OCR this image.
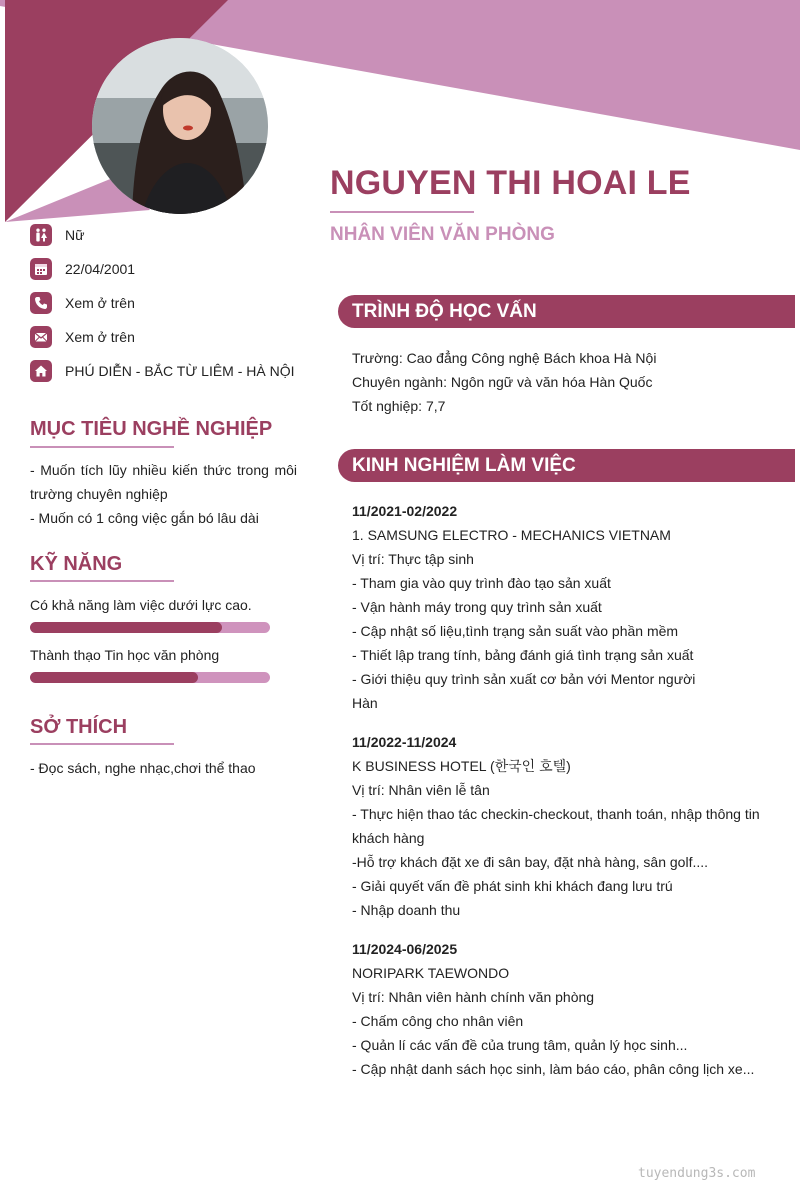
NGUYEN THI HOAI LE
NHÂN VIÊN VĂN PHÒNG
Nữ
22/04/2001
Xem ở trên
Xem ở trên
PHÚ DIỄN - BẮC TỪ LIÊM - HÀ NỘI
MỤC TIÊU NGHỀ NGHIỆP

- Muốn tích lũy nhiều kiến thức trong môi trường chuyên nghiệp

- Muốn có 1 công việc gắn bó lâu dài

KỸ NĂNG
Có khả năng làm việc dưới lực cao.
Thành thạo Tin học văn phòng
SỞ THÍCH

- Đọc sách, nghe nhạc,chơi thể thao

TRÌNH ĐỘ HỌC VẤN

Trường: Cao đẳng Công nghệ Bách khoa Hà Nội

Chuyên ngành: Ngôn ngữ và văn hóa Hàn Quốc

Tốt nghiệp: 7,7

KINH NGHIỆM LÀM VIỆC

11/2021-02/2022

1. SAMSUNG ELECTRO - MECHANICS VIETNAM

Vị trí: Thực tập sinh

- Tham gia vào quy trình đào tạo sản xuất

- Vận hành máy trong quy trình sản xuất

- Cập nhật số liệu,tình trạng sản suất vào phần mềm

- Thiết lập trang tính, bảng đánh giá tình trạng sản xuất

- Giới thiệu quy trình sản xuất cơ bản với Mentor người Hàn

11/2022-11/2024

K BUSINESS HOTEL (한국인 호텔)

Vị trí: Nhân viên lễ tân

- Thực hiện thao tác checkin-checkout, thanh toán, nhập thông tin khách hàng

-Hỗ trợ khách đặt xe đi sân bay, đặt nhà hàng, sân golf....

- Giải quyết vấn đề phát sinh khi khách đang lưu trú

- Nhập doanh thu

11/2024-06/2025

NORIPARK TAEWONDO

Vị trí: Nhân viên hành chính văn phòng

- Chấm công cho nhân viên

- Quản lí các vấn đề của trung tâm, quản lý học sinh...

- Cập nhật danh sách học sinh, làm báo cáo, phân công lịch xe...

tuyendung3s.com
